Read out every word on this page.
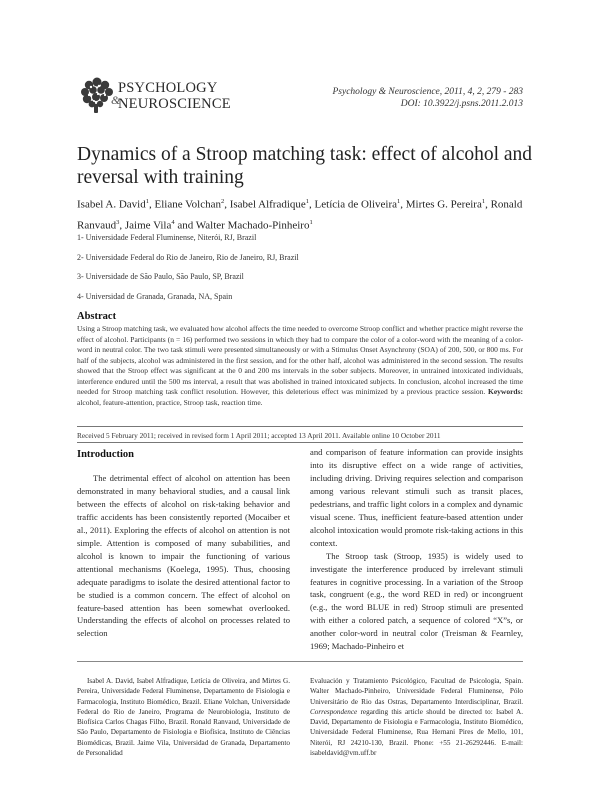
PSYCHOLOGY
&
NEUROSCIENCE
Psychology & Neuroscience, 2011, 4, 2, 279 - 283
DOI: 10.3922/j.psns.2011.2.013
Dynamics of a Stroop matching task: effect of alcohol and reversal with training
Isabel A. David$^1$, Eliane Volchan$^2$, Isabel Alfradique$^1$, Letícia de Oliveira$^1$, Mirtes G. Pereira$^1$, Ronald Ranvaud$^3$, Jaime Vila$^4$ and Walter Machado-Pinheiro$^1$
1- Universidade Federal Fluminense, Niterói, RJ, Brazil
2- Universidade Federal do Rio de Janeiro, Rio de Janeiro, RJ, Brazil
3- Universidade de São Paulo, São Paulo, SP, Brazil
4- Universidad de Granada, Granada, NA, Spain
Abstract
Using a Stroop matching task, we evaluated how alcohol affects the time needed to overcome Stroop conflict and whether practice might reverse the effect of alcohol. Participants (n = 16) performed two sessions in which they had to compare the color of a color-word with the meaning of a color-word in neutral color. The two task stimuli were presented simultaneously or with a Stimulus Onset Asynchrony (SOA) of 200, 500, or 800 ms. For half of the subjects, alcohol was administered in the first session, and for the other half, alcohol was administered in the second session. The results showed that the Stroop effect was significant at the 0 and 200 ms intervals in the sober subjects. Moreover, in untrained intoxicated individuals, interference endured until the 500 ms interval, a result that was abolished in trained intoxicated subjects. In conclusion, alcohol increased the time needed for Stroop matching task conflict resolution. However, this deleterious effect was minimized by a previous practice session. Keywords: alcohol, feature-attention, practice, Stroop task, reaction time.
Received 5 February 2011; received in revised form 1 April 2011; accepted 13 April 2011. Available online 10 October 2011
Introduction

The detrimental effect of alcohol on attention has been demonstrated in many behavioral studies, and a causal link between the effects of alcohol on risk-taking behavior and traffic accidents has been consistently reported (Mocaiber et al., 2011). Exploring the effects of alcohol on attention is not simple. Attention is composed of many subabilities, and alcohol is known to impair the functioning of various attentional mechanisms (Koelega, 1995). Thus, choosing adequate paradigms to isolate the desired attentional factor to be studied is a common concern. The effect of alcohol on feature-based attention has been somewhat overlooked. Understanding the effects of alcohol on processes related to selection

and comparison of feature information can provide insights into its disruptive effect on a wide range of activities, including driving. Driving requires selection and comparison among various relevant stimuli such as transit places, pedestrians, and traffic light colors in a complex and dynamic visual scene. Thus, inefficient feature-based attention under alcohol intoxication would promote risk-taking actions in this context.

The Stroop task (Stroop, 1935) is widely used to investigate the interference produced by irrelevant stimuli features in cognitive processing. In a variation of the Stroop task, congruent (e.g., the word RED in red) or incongruent (e.g., the word BLUE in red) Stroop stimuli are presented with either a colored patch, a sequence of colored “X”s, or another color-word in neutral color (Treisman & Fearnley, 1969; Machado-Pinheiro et

Isabel A. David, Isabel Alfradique, Letícia de Oliveira, and Mirtes G. Pereira, Universidade Federal Fluminense, Departamento de Fisiologia e Farmacologia, Instituto Biomédico, Brazil. Eliane Volchan, Universidade Federal do Rio de Janeiro, Programa de Neurobiologia, Instituto de Biofísica Carlos Chagas Filho, Brazil. Ronald Ranvaud, Universidade de São Paulo, Departamento de Fisiologia e Biofísica, Instituto de Ciências Biomédicas, Brazil. Jaime Vila, Universidad de Granada, Departamento de Personalidad
Evaluación y Tratamiento Psicológico, Facultad de Psicología, Spain. Walter Machado-Pinheiro, Universidade Federal Fluminense, Pólo Universitário de Rio das Ostras, Departamento Interdisciplinar, Brazil. Correspondence regarding this article should be directed to: Isabel A. David, Departamento de Fisiologia e Farmacologia, Instituto Biomédico, Universidade Federal Fluminense, Rua Hernani Pires de Mello, 101, Niterói, RJ 24210-130, Brazil. Phone: +55 21-26292446. E-mail: isabeldavid@vm.uff.br
